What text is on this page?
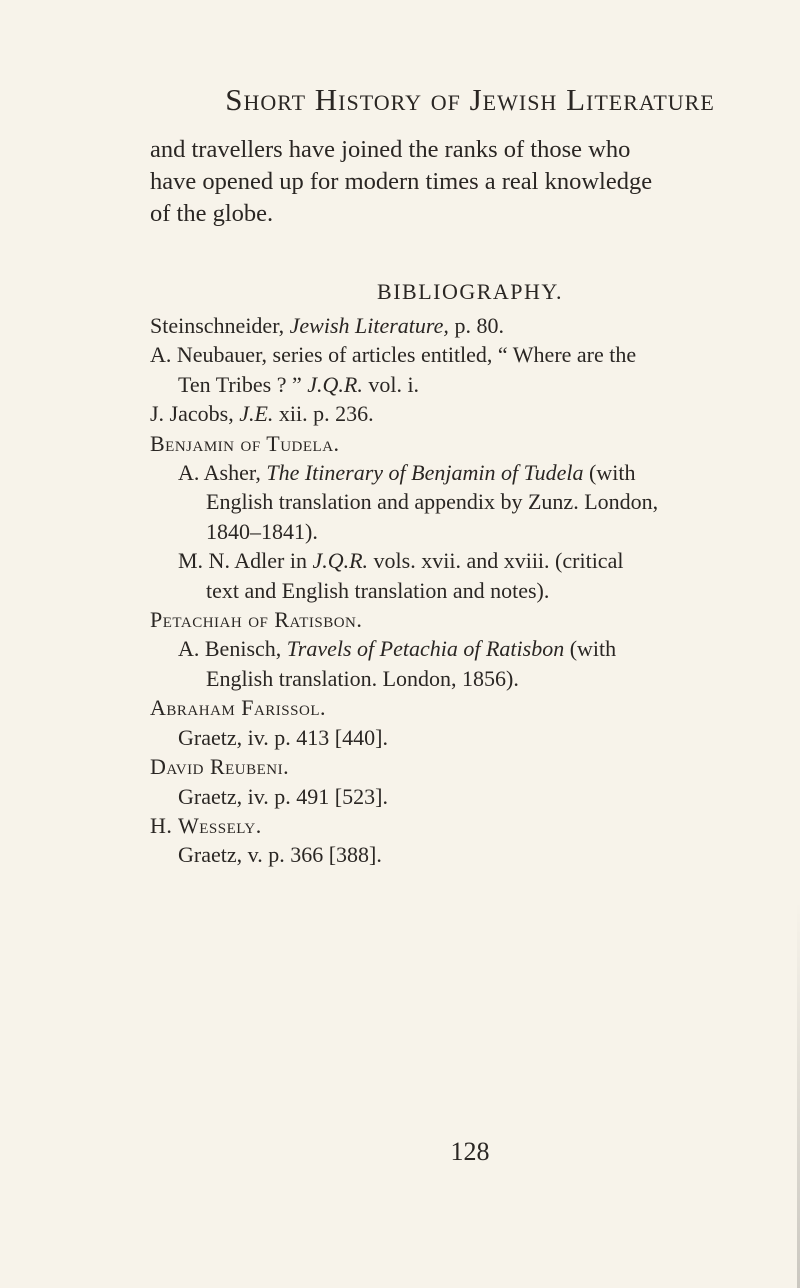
Short History of Jewish Literature

and travellers have joined the ranks of those who

have opened up for modern times a real knowledge

of the globe.

BIBLIOGRAPHY.
Steinschneider, Jewish Literature, p. 80.
A. Neubauer, series of articles entitled, “ Where are the
Ten Tribes ? ” J.Q.R. vol. i.
J. Jacobs, J.E. xii. p. 236.
Benjamin of Tudela.
A. Asher, The Itinerary of Benjamin of Tudela (with
English translation and appendix by Zunz. London,
1840–1841).
M. N. Adler in J.Q.R. vols. xvii. and xviii. (critical
text and English translation and notes).
Petachiah of Ratisbon.
A. Benisch, Travels of Petachia of Ratisbon (with
English translation. London, 1856).
Abraham Farissol.
Graetz, iv. p. 413 [440].
David Reubeni.
Graetz, iv. p. 491 [523].
H. Wessely.
Graetz, v. p. 366 [388].
128
